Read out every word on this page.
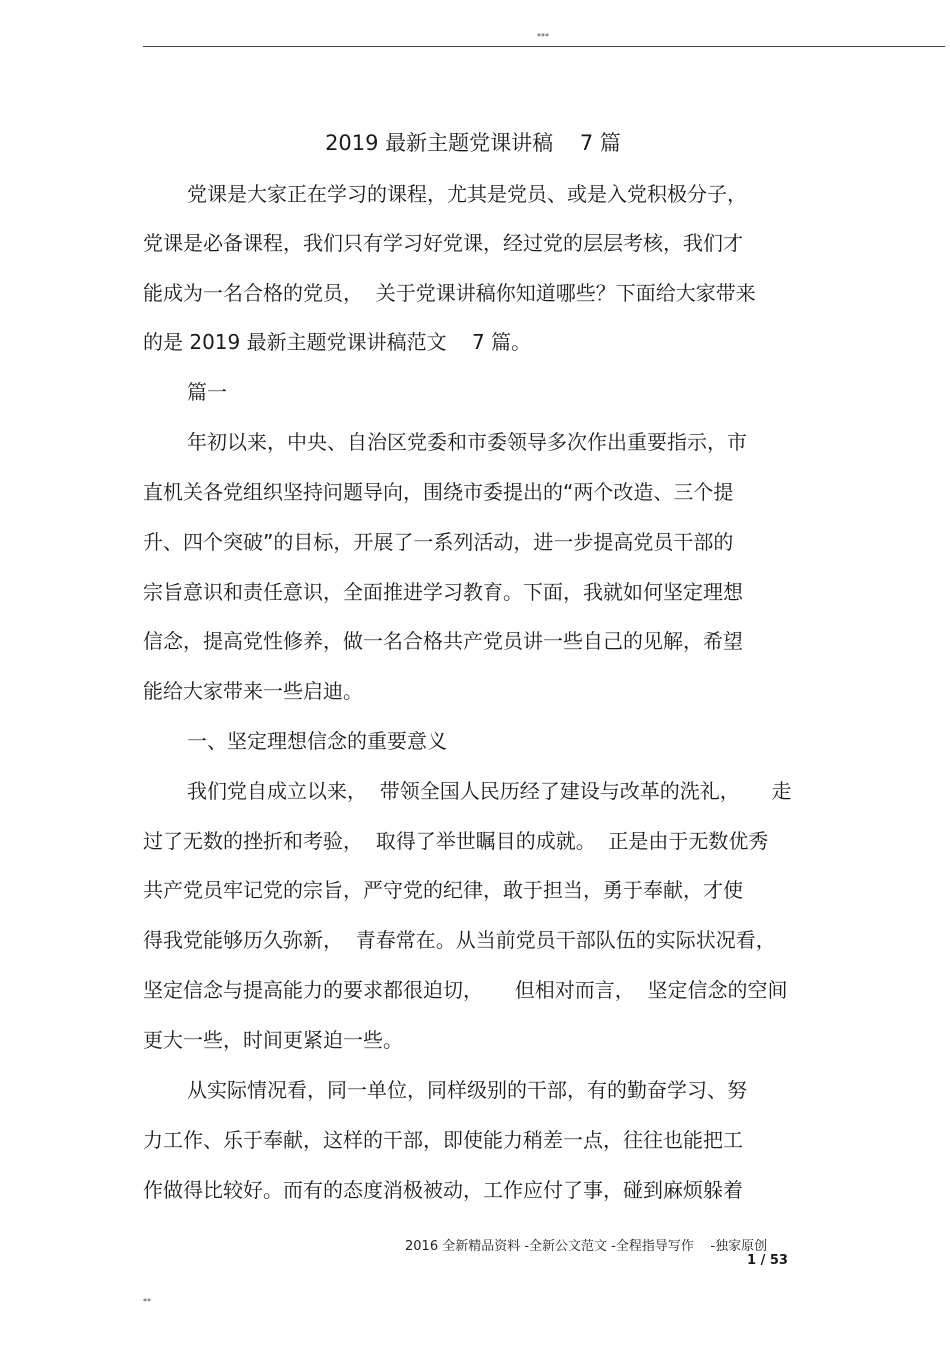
***
2019 最新主题党课讲稿    7 篇
党课是大家正在学习的课程，尤其是党员、或是入党积极分子，
党课是必备课程，我们只有学习好党课，经过党的层层考核，我们才
能成为一名合格的党员，  关于党课讲稿你知道哪些？下面给大家带来
的是 2019 最新主题党课讲稿范文    7 篇。
篇一
年初以来，中央、自治区党委和市委领导多次作出重要指示，市
直机关各党组织坚持问题导向，围绕市委提出的“两个改造、三个提
升、四个突破”的目标，开展了一系列活动，进一步提高党员干部的
宗旨意识和责任意识，全面推进学习教育。下面，我就如何坚定理想
信念，提高党性修养，做一名合格共产党员讲一些自己的见解，希望
能给大家带来一些启迪。
一、坚定理想信念的重要意义
我们党自成立以来，  带领全国人民历经了建设与改革的洗礼，     走
过了无数的挫折和考验，  取得了举世瞩目的成就。  正是由于无数优秀
共产党员牢记党的宗旨，严守党的纪律，敢于担当，勇于奉献，才使
得我党能够历久弥新，  青春常在。从当前党员干部队伍的实际状况看，
坚定信念与提高能力的要求都很迫切，     但相对而言，  坚定信念的空间
更大一些，时间更紧迫一些。
从实际情况看，同一单位，同样级别的干部，有的勤奋学习、努
力工作、乐于奉献，这样的干部，即使能力稍差一点，往往也能把工
作做得比较好。而有的态度消极被动，工作应付了事，碰到麻烦躲着
2016 全新精品资料 -全新公文范文 -全程指导写作    -独家原创
1 / 53
**
